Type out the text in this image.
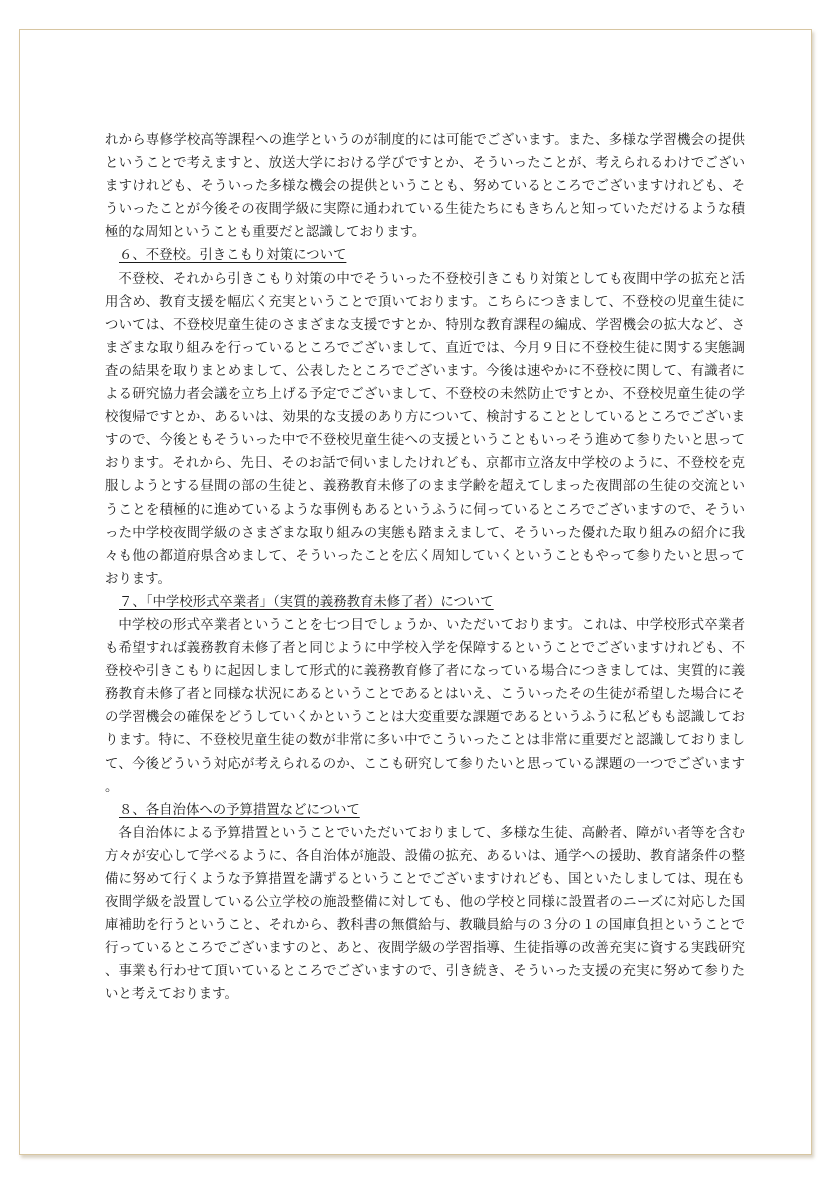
れから専修学校高等課程への進学というのが制度的には可能でございます。また、多様な学習機会の提供ということで考えますと、放送大学における学びですとか、そういったことが、考えられるわけでございますけれども、そういった多様な機会の提供ということも、努めているところでございますけれども、そういったことが今後その夜間学級に実際に通われている生徒たちにもきちんと知っていただけるような積極的な周知ということも重要だと認識しております。

６、不登校。引きこもり対策について

不登校、それから引きこもり対策の中でそういった不登校引きこもり対策としても夜間中学の拡充と活用含め、教育支援を幅広く充実ということで頂いております。こちらにつきまして、不登校の児童生徒については、不登校児童生徒のさまざまな支援ですとか、特別な教育課程の編成、学習機会の拡大など、さまざまな取り組みを行っているところでございまして、直近では、今月９日に不登校生徒に関する実態調査の結果を取りまとめまして、公表したところでございます。今後は速やかに不登校に関して、有識者による研究協力者会議を立ち上げる予定でございまして、不登校の未然防止ですとか、不登校児童生徒の学校復帰ですとか、あるいは、効果的な支援のあり方について、検討することとしているところでございますので、今後ともそういった中で不登校児童生徒への支援ということもいっそう進めて参りたいと思っております。それから、先日、そのお話で伺いましたけれども、京都市立洛友中学校のように、不登校を克服しようとする昼間の部の生徒と、義務教育未修了のまま学齢を超えてしまった夜間部の生徒の交流ということを積極的に進めているような事例もあるというふうに伺っているところでございますので、そういった中学校夜間学級のさまざまな取り組みの実態も踏まえまして、そういった優れた取り組みの紹介に我々も他の都道府県含めまして、そういったことを広く周知していくということもやって参りたいと思っております。

７、「中学校形式卒業者」（実質的義務教育未修了者）について

中学校の形式卒業者ということを七つ目でしょうか、いただいております。これは、中学校形式卒業者も希望すれば義務教育未修了者と同じように中学校入学を保障するということでございますけれども、不登校や引きこもりに起因しまして形式的に義務教育修了者になっている場合につきましては、実質的に義務教育未修了者と同様な状況にあるということであるとはいえ、こういったその生徒が希望した場合にその学習機会の確保をどうしていくかということは大変重要な課題であるというふうに私どもも認識しております。特に、不登校児童生徒の数が非常に多い中でこういったことは非常に重要だと認識しておりまして、今後どういう対応が考えられるのか、ここも研究して参りたいと思っている課題の一つでございます。

８、各自治体への予算措置などについて

各自治体による予算措置ということでいただいておりまして、多様な生徒、高齢者、障がい者等を含む方々が安心して学べるように、各自治体が施設、設備の拡充、あるいは、通学への援助、教育諸条件の整備に努めて行くような予算措置を講ずるということでございますけれども、国といたしましては、現在も夜間学級を設置している公立学校の施設整備に対しても、他の学校と同様に設置者のニーズに対応した国庫補助を行うということ、それから、教科書の無償給与、教職員給与の３分の１の国庫負担ということで行っているところでございますのと、あと、夜間学級の学習指導、生徒指導の改善充実に資する実践研究、事業も行わせて頂いているところでございますので、引き続き、そういった支援の充実に努めて参りたいと考えております。
